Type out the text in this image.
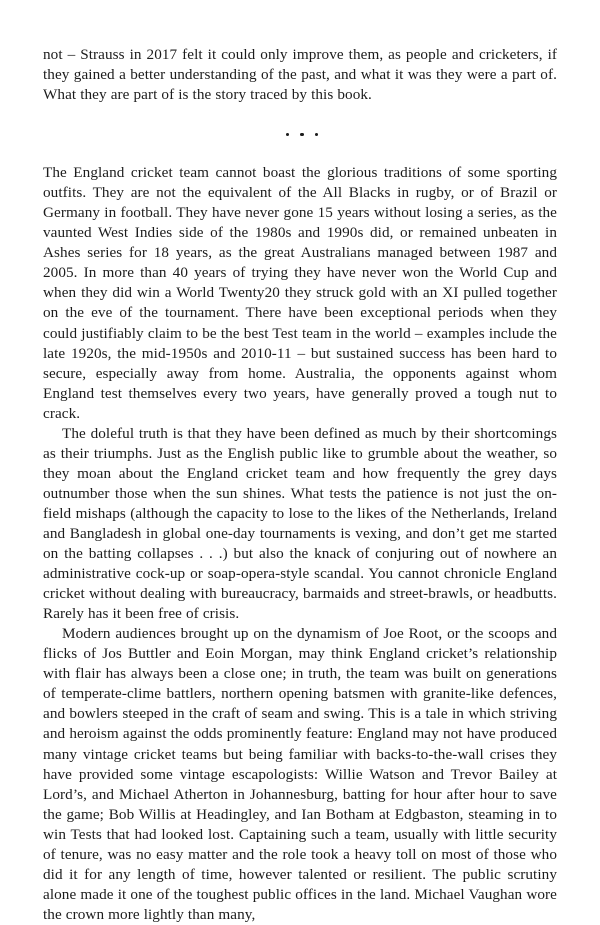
not – Strauss in 2017 felt it could only improve them, as people and cricketers, if they gained a better understanding of the past, and what it was they were a part of. What they are part of is the story traced by this book.

The England cricket team cannot boast the glorious traditions of some sporting outfits. They are not the equivalent of the All Blacks in rugby, or of Brazil or Germany in football. They have never gone 15 years without losing a series, as the vaunted West Indies side of the 1980s and 1990s did, or remained unbeaten in Ashes series for 18 years, as the great Australians managed between 1987 and 2005. In more than 40 years of trying they have never won the World Cup and when they did win a World Twenty20 they struck gold with an XI pulled together on the eve of the tournament. There have been exceptional periods when they could justifiably claim to be the best Test team in the world – examples include the late 1920s, the mid-1950s and 2010-11 – but sustained success has been hard to secure, especially away from home. Australia, the opponents against whom England test themselves every two years, have generally proved a tough nut to crack.

The doleful truth is that they have been defined as much by their shortcomings as their triumphs. Just as the English public like to grumble about the weather, so they moan about the England cricket team and how frequently the grey days outnumber those when the sun shines. What tests the patience is not just the on-field mishaps (although the capacity to lose to the likes of the Netherlands, Ireland and Bangladesh in global one-day tournaments is vexing, and don’t get me started on the batting collapses . . .) but also the knack of conjuring out of nowhere an administrative cock-up or soap-opera-style scandal. You cannot chronicle England cricket without dealing with bureaucracy, barmaids and street-brawls, or headbutts. Rarely has it been free of crisis.

Modern audiences brought up on the dynamism of Joe Root, or the scoops and flicks of Jos Buttler and Eoin Morgan, may think England cricket’s relationship with flair has always been a close one; in truth, the team was built on generations of temperate-clime battlers, northern opening batsmen with granite-like defences, and bowlers steeped in the craft of seam and swing. This is a tale in which striving and heroism against the odds prominently feature: England may not have produced many vintage cricket teams but being familiar with backs-to-the-wall crises they have provided some vintage escapologists: Willie Watson and Trevor Bailey at Lord’s, and Michael Atherton in Johannesburg, batting for hour after hour to save the game; Bob Willis at Headingley, and Ian Botham at Edgbaston, steaming in to win Tests that had looked lost. Captaining such a team, usually with little security of tenure, was no easy matter and the role took a heavy toll on most of those who did it for any length of time, however talented or resilient. The public scrutiny alone made it one of the toughest public offices in the land. Michael Vaughan wore the crown more lightly than many,
